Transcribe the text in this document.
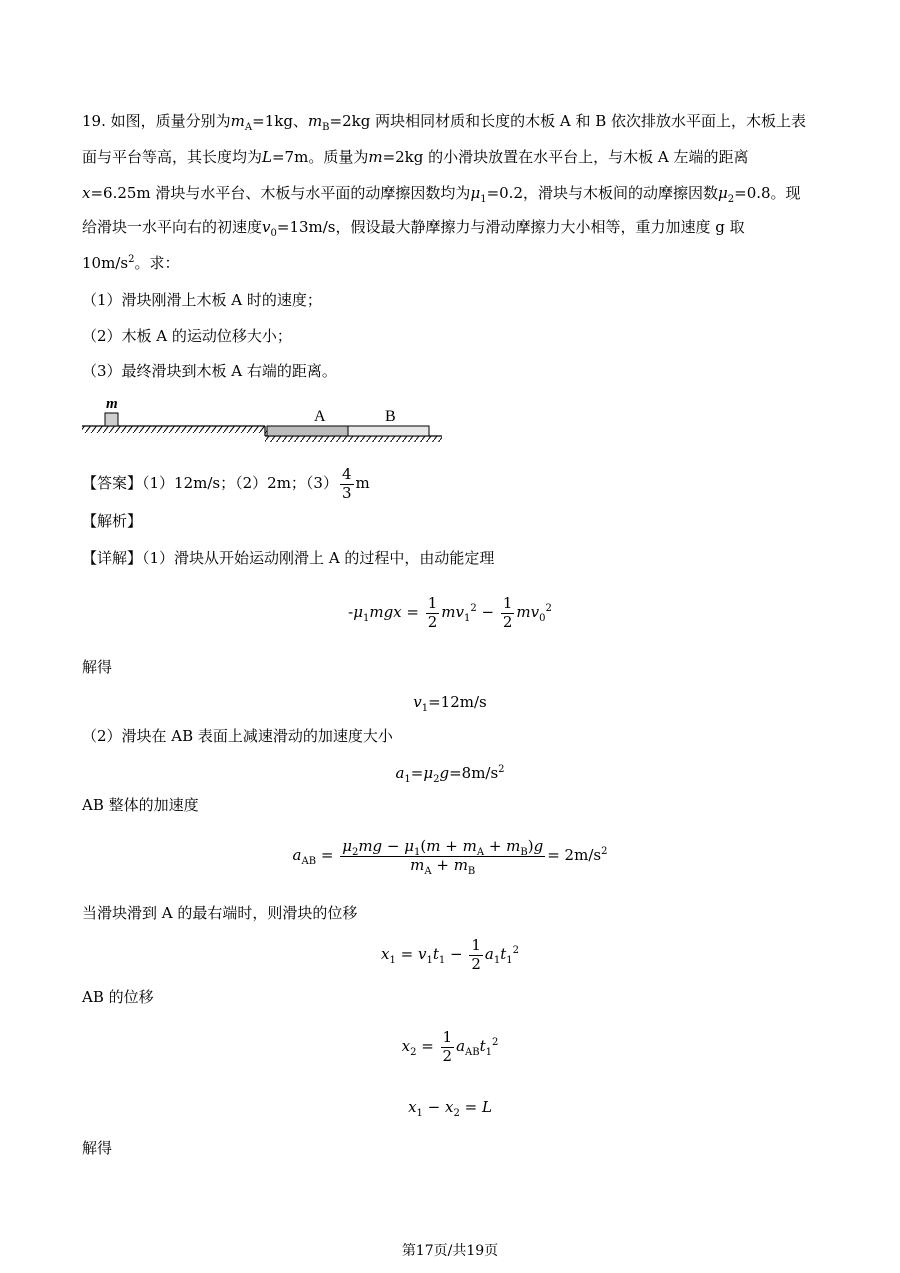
19. 如图，质量分别为$m_A=1kg$、$m_B=2kg$ 两块相同材质和长度的木板 A 和 B 依次排放水平面上，木板上表
面与平台等高，其长度均为L=7m。质量为m=2kg 的小滑块放置在水平台上，与木板 A 左端的距离
x=6.25m 滑块与水平台、木板与水平面的动摩擦因数均为$\mu_1=0.2$，滑块与木板间的动摩擦因数$\mu_2=0.8$。现
给滑块一水平向右的初速度$v_0=13m/s$，假设最大静摩擦力与滑动摩擦力大小相等，重力加速度 g 取
$10m/s^2$。求：
（1）滑块刚滑上木板 A 时的速度；
（2）木板 A 的运动位移大小；
（3）最终滑块到木板 A 右端的距离。
m
A	B
【答案】（1）12m/s；（2）2m；$(3) \frac{4}{3}$ m
【解析】
【详解】（1）滑块从开始运动刚滑上 A 的过程中，由动能定理
$-\mu_1mgx = \frac{1}{2} mv_1^2 - \frac{1}{2} mv_0^2$
解得
$v_1=12m/s$
（2）滑块在 AB 表面上减速滑动的加速度大小
$a_1=\mu_2g=8m/s^2$
AB 整体的加速度
$a_{AB} = \frac{\mu_2mg - \mu_1(m + m_A + m_B)g}{m_A + m_B} = 2m/s^2$
当滑块滑到 A 的最右端时，则滑块的位移
$x_1 = v_1t_1 - \frac{1}{2} a_1t_1^2$
AB 的位移
$x_2 = \frac{1}{2} a_{AB}t_1^2$
$x_1 - x_2 = L$
解得
第17页/共19页
